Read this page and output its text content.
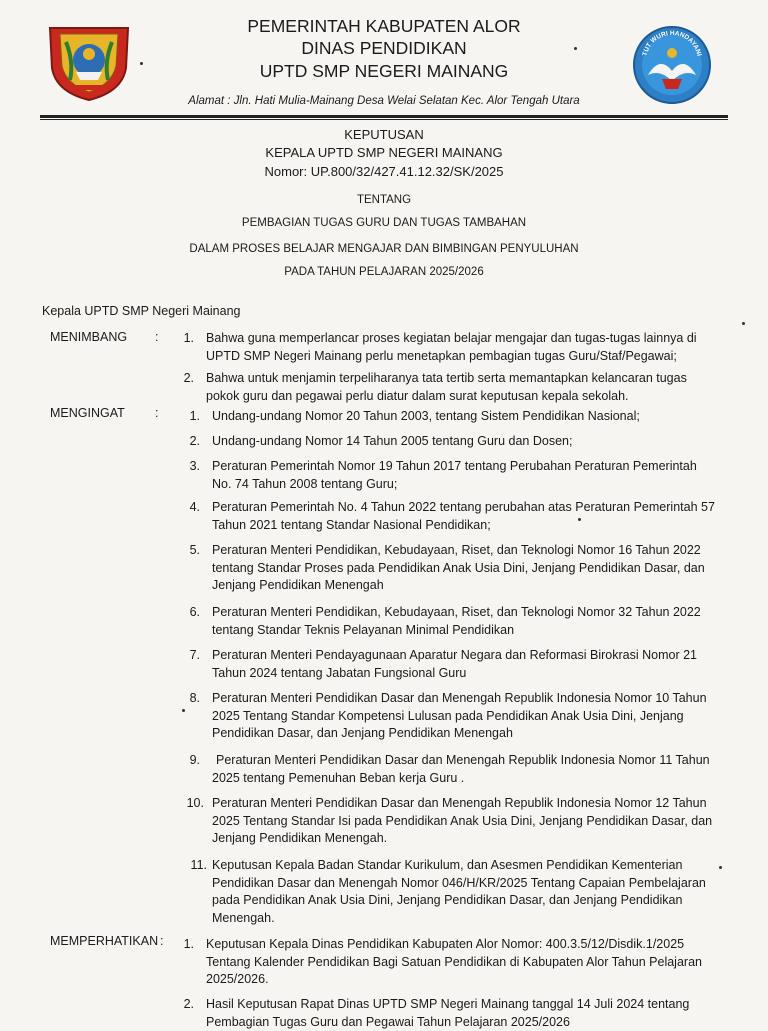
TUT WURI HANDAYANI
PEMERINTAH KABUPATEN ALOR
DINAS PENDIDIKAN
UPTD SMP NEGERI MAINANG
Alamat : Jln. Hati Mulia-Mainang Desa Welai Selatan Kec. Alor Tengah Utara
KEPUTUSAN
KEPALA UPTD SMP NEGERI MAINANG
Nomor: UP.800/32/427.41.12.32/SK/2025
TENTANG
PEMBAGIAN TUGAS GURU DAN TUGAS TAMBAHAN
DALAM PROSES BELAJAR MENGAJAR DAN BIMBINGAN PENYULUHAN
PADA TAHUN PELAJARAN 2025/2026
Kepala UPTD SMP Negeri Mainang
MENIMBANG :
MENGINGAT :
MEMPERHATIKAN :
1. Bahwa guna memperlancar proses kegiatan belajar mengajar dan tugas-tugas lainnya di
UPTD SMP Negeri Mainang perlu menetapkan pembagian tugas Guru/Staf/Pegawai;
2. Bahwa untuk menjamin terpeliharanya tata tertib serta memantapkan kelancaran tugas
pokok guru dan pegawai perlu diatur dalam surat keputusan kepala sekolah.
1. Undang-undang Nomor 20 Tahun 2003, tentang Sistem Pendidikan Nasional;
2. Undang-undang Nomor 14 Tahun 2005 tentang Guru dan Dosen;
3. Peraturan Pemerintah Nomor 19 Tahun 2017 tentang Perubahan Peraturan Pemerintah
No. 74 Tahun 2008 tentang Guru;
4. Peraturan Pemerintah No. 4 Tahun 2022 tentang perubahan atas Peraturan Pemerintah 57
Tahun 2021 tentang Standar Nasional Pendidikan;
5. Peraturan Menteri Pendidikan, Kebudayaan, Riset, dan Teknologi Nomor 16 Tahun 2022
tentang Standar Proses pada Pendidikan Anak Usia Dini, Jenjang Pendidikan Dasar, dan
Jenjang Pendidikan Menengah
6. Peraturan Menteri Pendidikan, Kebudayaan, Riset, dan Teknologi Nomor 32 Tahun 2022
tentang Standar Teknis Pelayanan Minimal Pendidikan
7. Peraturan Menteri Pendayagunaan Aparatur Negara dan Reformasi Birokrasi Nomor 21
Tahun 2024 tentang Jabatan Fungsional Guru
8. Peraturan Menteri Pendidikan Dasar dan Menengah Republik Indonesia Nomor 10 Tahun
2025 Tentang Standar Kompetensi Lulusan pada Pendidikan Anak Usia Dini, Jenjang
Pendidikan Dasar, dan Jenjang Pendidikan Menengah
9. Peraturan Menteri Pendidikan Dasar dan Menengah Republik Indonesia Nomor 11 Tahun
2025 tentang Pemenuhan Beban kerja Guru .
10. Peraturan Menteri Pendidikan Dasar dan Menengah Republik Indonesia Nomor 12 Tahun
2025 Tentang Standar Isi pada Pendidikan Anak Usia Dini, Jenjang Pendidikan Dasar, dan
Jenjang Pendidikan Menengah.
11. Keputusan Kepala Badan Standar Kurikulum, dan Asesmen Pendidikan Kementerian
Pendidikan Dasar dan Menengah Nomor 046/H/KR/2025 Tentang Capaian Pembelajaran
pada Pendidikan Anak Usia Dini, Jenjang Pendidikan Dasar, dan Jenjang Pendidikan
Menengah.
1. Keputusan Kepala Dinas Pendidikan Kabupaten Alor Nomor: 400.3.5/12/Disdik.1/2025
Tentang Kalender Pendidikan Bagi Satuan Pendidikan di Kabupaten Alor Tahun Pelajaran
2025/2026.
2. Hasil Keputusan Rapat Dinas UPTD SMP Negeri Mainang tanggal 14 Juli 2024 tentang
Pembagian Tugas Guru dan Pegawai Tahun Pelajaran 2025/2026
